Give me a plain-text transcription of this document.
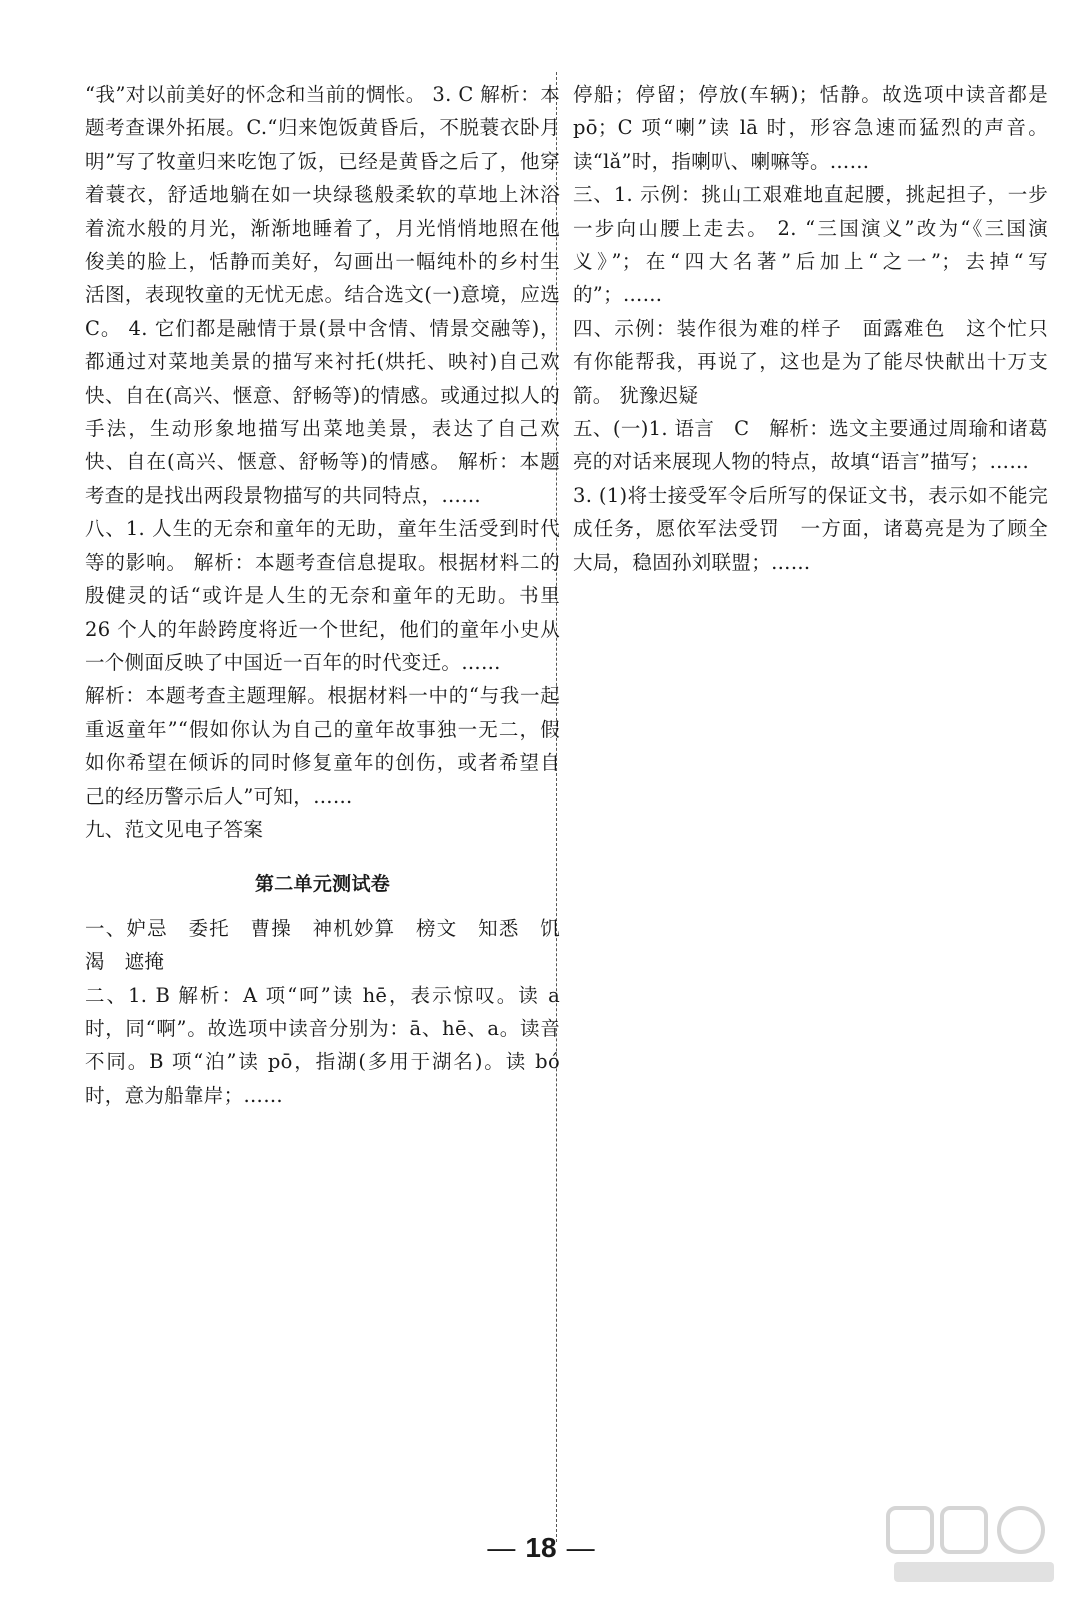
“我”对以前美好的怀念和当前的惆怅。 3. C 解析：本题考查课外拓展。C.“归来饱饭黄昏后，不脱蓑衣卧月明”写了牧童归来吃饱了饭，已经是黄昏之后了，他穿着蓑衣，舒适地躺在如一块绿毯般柔软的草地上沐浴着流水般的月光，渐渐地睡着了，月光悄悄地照在他俊美的脸上，恬静而美好，勾画出一幅纯朴的乡村生活图，表现牧童的无忧无虑。结合选文(一)意境，应选 C。 4. 它们都是融情于景(景中含情、情景交融等)，都通过对菜地美景的描写来衬托(烘托、映衬)自己欢快、自在(高兴、惬意、舒畅等)的情感。或通过拟人的手法，生动形象地描写出菜地美景，表达了自己欢快、自在(高兴、惬意、舒畅等)的情感。 解析：本题考查的是找出两段景物描写的共同特点，……

八、1. 人生的无奈和童年的无助，童年生活受到时代等的影响。 解析：本题考查信息提取。根据材料二的殷健灵的话“或许是人生的无奈和童年的无助。书里 26 个人的年龄跨度将近一个世纪，他们的童年小史从一个侧面反映了中国近一百年的时代变迁。……

解析：本题考查主题理解。根据材料一中的“与我一起重返童年”“假如你认为自己的童年故事独一无二，假如你希望在倾诉的同时修复童年的创伤，或者希望自己的经历警示后人”可知，……

九、范文见电子答案

第二单元测试卷

一、妒忌　委托　曹操　神机妙算　榜文　知悉　饥渴　遮掩

二、1. B 解析：A 项“呵”读 hē，表示惊叹。读 a 时，同“啊”。故选项中读音分别为：ā、hē、a。读音不同。B 项“泊”读 pō，指湖(多用于湖名)。读 bó 时，意为船靠岸；……

停船；停留；停放(车辆)；恬静。故选项中读音都是 pō；C 项“喇”读 lā 时，形容急速而猛烈的声音。读“lǎ”时，指喇叭、喇嘛等。……

三、1. 示例：挑山工艰难地直起腰，挑起担子，一步一步向山腰上走去。 2. “三国演义”改为“《三国演义》”；在“四大名著”后加上“之一”；去掉“写的”；……

四、示例：装作很为难的样子　面露难色　这个忙只有你能帮我，再说了，这也是为了能尽快献出十万支箭。 犹豫迟疑

五、(一)1. 语言　C　解析：选文主要通过周瑜和诸葛亮的对话来展现人物的特点，故填“语言”描写；……

3. (1)将士接受军令后所写的保证文书，表示如不能完成任务，愿依军法受罚　一方面，诸葛亮是为了顾全大局，稳固孙刘联盟；……

— 18 —
